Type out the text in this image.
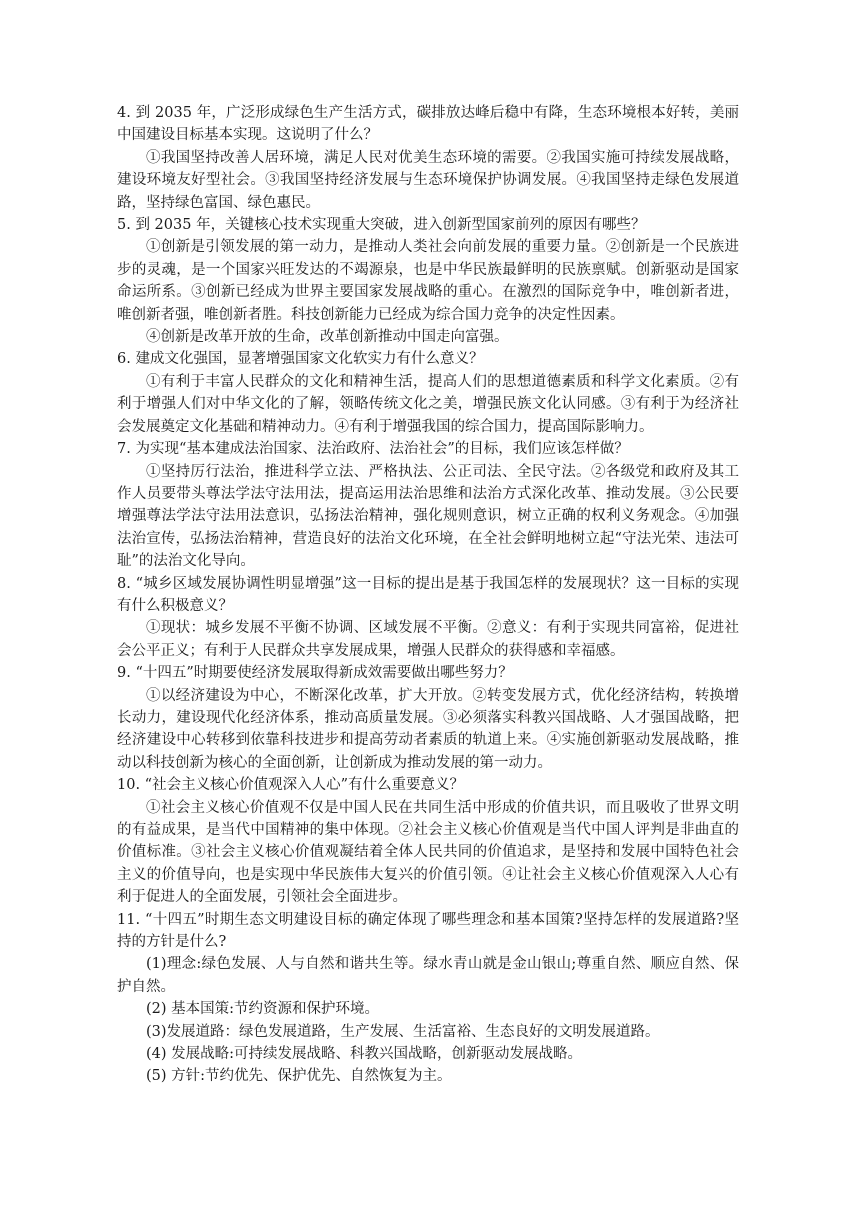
4. 到 2035 年，广泛形成绿色生产生活方式，碳排放达峰后稳中有降，生态环境根本好转，美丽中国建设目标基本实现。这说明了什么？

①我国坚持改善人居环境，满足人民对优美生态环境的需要。②我国实施可持续发展战略，建设环境友好型社会。③我国坚持经济发展与生态环境保护协调发展。④我国坚持走绿色发展道路，坚持绿色富国、绿色惠民。

5. 到 2035 年，关键核心技术实现重大突破，进入创新型国家前列的原因有哪些？

①创新是引领发展的第一动力，是推动人类社会向前发展的重要力量。②创新是一个民族进步的灵魂，是一个国家兴旺发达的不竭源泉，也是中华民族最鲜明的民族禀赋。创新驱动是国家命运所系。③创新已经成为世界主要国家发展战略的重心。在激烈的国际竞争中，唯创新者进，唯创新者强，唯创新者胜。科技创新能力已经成为综合国力竞争的决定性因素。

④创新是改革开放的生命，改革创新推动中国走向富强。

6. 建成文化强国，显著增强国家文化软实力有什么意义？

①有利于丰富人民群众的文化和精神生活，提高人们的思想道德素质和科学文化素质。②有利于增强人们对中华文化的了解，领略传统文化之美，增强民族文化认同感。③有利于为经济社会发展奠定文化基础和精神动力。④有利于增强我国的综合国力，提高国际影响力。

7. 为实现“基本建成法治国家、法治政府、法治社会”的目标，我们应该怎样做？

①坚持厉行法治，推进科学立法、严格执法、公正司法、全民守法。②各级党和政府及其工作人员要带头尊法学法守法用法，提高运用法治思维和法治方式深化改革、推动发展。③公民要增强尊法学法守法用法意识，弘扬法治精神，强化规则意识，树立正确的权利义务观念。④加强法治宣传，弘扬法治精神，营造良好的法治文化环境，在全社会鲜明地树立起“守法光荣、违法可耻”的法治文化导向。

8. “城乡区域发展协调性明显增强”这一目标的提出是基于我国怎样的发展现状？这一目标的实现有什么积极意义？

①现状：城乡发展不平衡不协调、区域发展不平衡。②意义：有利于实现共同富裕，促进社会公平正义；有利于人民群众共享发展成果，增强人民群众的获得感和幸福感。

9. “十四五”时期要使经济发展取得新成效需要做出哪些努力？

①以经济建设为中心，不断深化改革，扩大开放。②转变发展方式，优化经济结构，转换增长动力，建设现代化经济体系，推动高质量发展。③必须落实科教兴国战略、人才强国战略，把经济建设中心转移到依靠科技进步和提高劳动者素质的轨道上来。④实施创新驱动发展战略，推动以科技创新为核心的全面创新，让创新成为推动发展的第一动力。

10. “社会主义核心价值观深入人心”有什么重要意义？

①社会主义核心价值观不仅是中国人民在共同生活中形成的价值共识，而且吸收了世界文明的有益成果，是当代中国精神的集中体现。②社会主义核心价值观是当代中国人评判是非曲直的价值标准。③社会主义核心价值观凝结着全体人民共同的价值追求，是坚持和发展中国特色社会主义的价值导向，也是实现中华民族伟大复兴的价值引领。④让社会主义核心价值观深入人心有利于促进人的全面发展，引领社会全面进步。

11. “十四五”时期生态文明建设目标的确定体现了哪些理念和基本国策?坚持怎样的发展道路?坚持的方针是什么?

(1)理念:绿色发展、人与自然和谐共生等。绿水青山就是金山银山;尊重自然、顺应自然、保护自然。

(2) 基本国策:节约资源和保护环境。

(3)发展道路：绿色发展道路，生产发展、生活富裕、生态良好的文明发展道路。

(4) 发展战略:可持续发展战略、科教兴国战略，创新驱动发展战略。

(5) 方针:节约优先、保护优先、自然恢复为主。
